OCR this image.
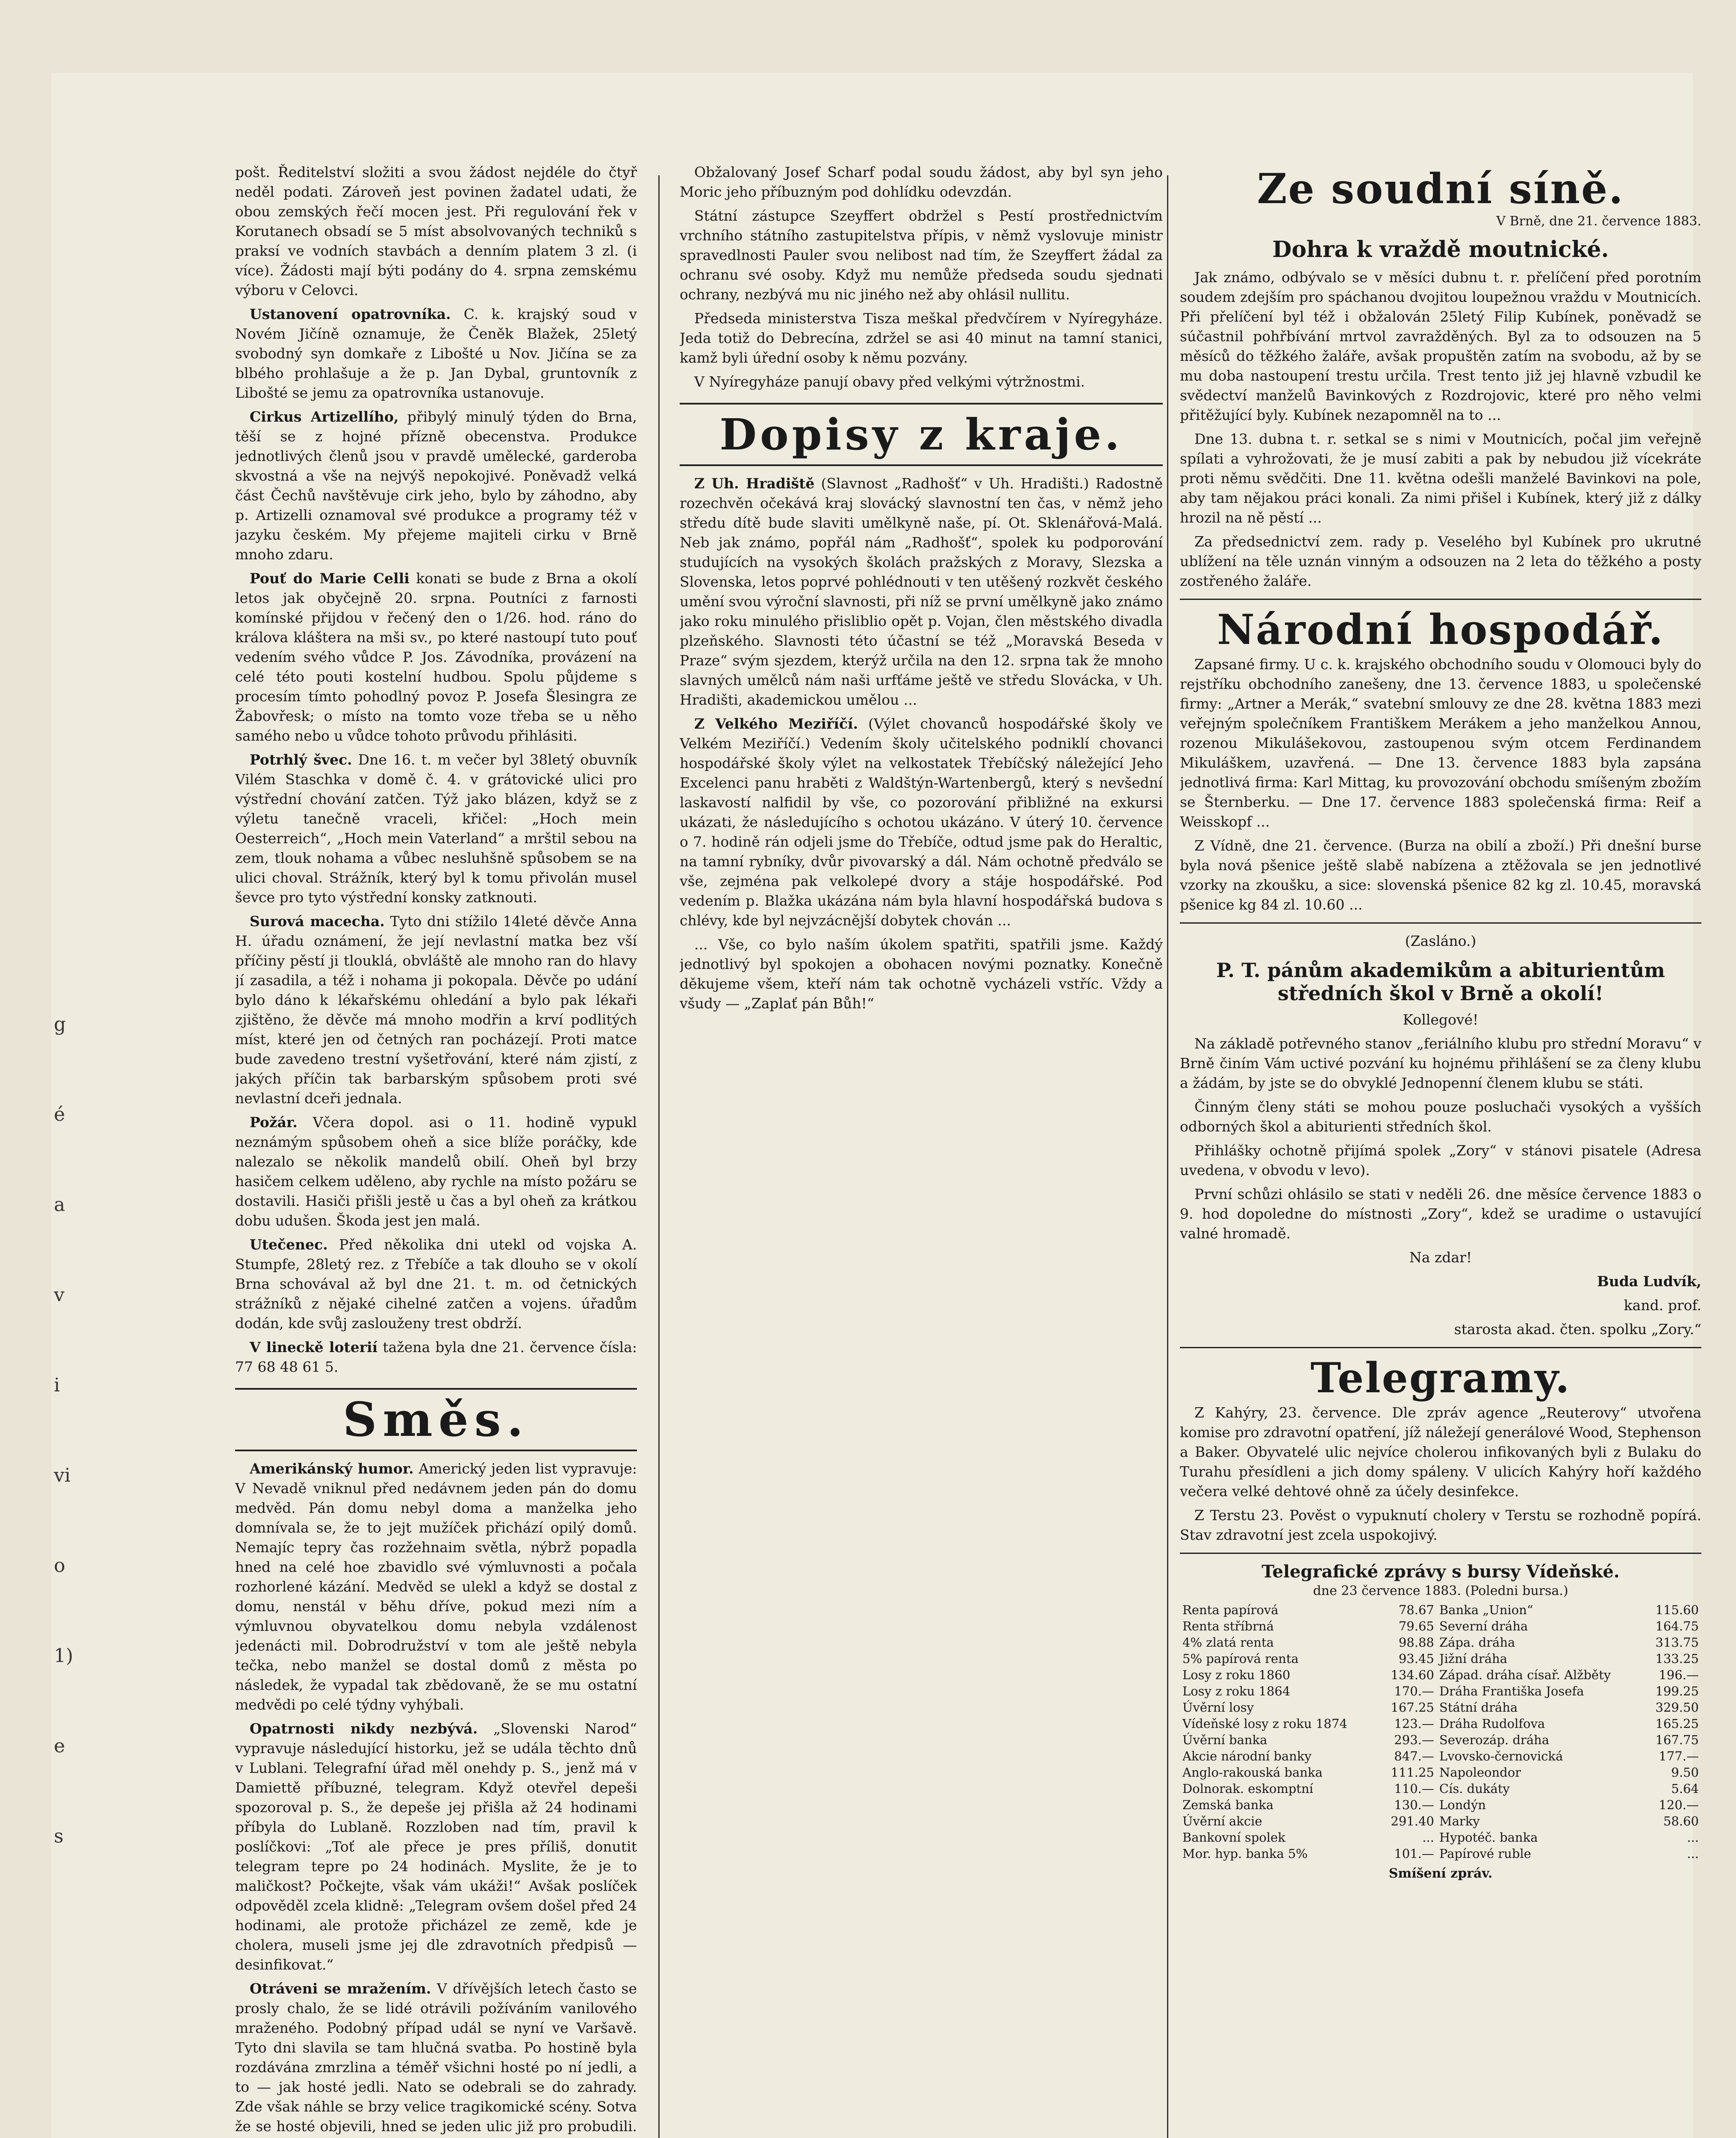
g
é
a
v
i
vi
o
1)
e
s

pošt. Ředitelství složiti a svou žádost nejdéle do čtyř neděl podati. Zároveň jest povinen žadatel udati, že obou zemských řečí mocen jest. Při regulování řek v Korutanech obsadí se 5 míst absolvovaných techniků s praksí ve vodních stavbách a denním platem 3 zl. (i více). Žádosti mají býti podány do 4. srpna zemskému výboru v Celovci.

Ustanovení opatrovníka. C. k. krajský soud v Novém Jičíně oznamuje, že Čeněk Blažek, 25letý svobodný syn domkaře z Libošté u Nov. Jičína se za blbého prohlašuje a že p. Jan Dybal, gruntovník z Libošté se jemu za opatrovníka ustanovuje.

Cirkus Artizellího, přibylý minulý týden do Brna, těší se z hojné přízně obecenstva. Produkce jednotlivých členů jsou v pravdě umělecké, garderoba skvostná a vše na nejvýš nepokojivé. Poněvadž velká část Čechů navštěvuje cirk jeho, bylo by záhodno, aby p. Artizelli oznamoval své produkce a programy též v jazyku českém. My přejeme majiteli cirku v Brně mnoho zdaru.

Pouť do Marie Celli konati se bude z Brna a okolí letos jak obyčejně 20. srpna. Poutníci z farnosti komínské přijdou v řečený den o 1/26. hod. ráno do králova kláštera na mši sv., po které nastoupí tuto pouť vedením svého vůdce P. Jos. Závodníka, provázení na celé této pouti kostelní hudbou. Spolu půjdeme s procesím tímto pohodlný povoz P. Josefa Šlesingra ze Žabovřesk; o místo na tomto voze třeba se u něho samého nebo u vůdce tohoto průvodu přihlásiti.

Potrhlý švec. Dne 16. t. m večer byl 38letý obuvník Vilém Staschka v domě č. 4. v grátovické ulici pro výstřední chování zatčen. Týž jako blázen, když se z výletu tanečně vraceli, křičel: „Hoch mein Oesterreich“, „Hoch mein Vaterland“ a mrštil sebou na zem, tlouk nohama a vůbec nesluhšně spůsobem se na ulici choval. Strážník, který byl k tomu přivolán musel ševce pro tyto výstřední konsky zatknouti.

Surová macecha. Tyto dni stížilo 14leté děvče Anna H. úřadu oznámení, že její nevlastní matka bez vší příčiny pěstí ji tlouklá, obvláště ale mnoho ran do hlavy jí zasadila, a též i nohama ji pokopala. Děvče po udání bylo dáno k lékařskému ohledání a bylo pak lékaři zjištěno, že děvče má mnoho modřin a krví podlitých míst, které jen od četných ran pocházejí. Proti matce bude zavedeno trestní vyšetřování, které nám zjistí, z jakých příčin tak barbarským spůsobem proti své nevlastní dceři jednala.

Požár. Včera dopol. asi o 11. hodině vypukl neznámým spůsobem oheň a sice blíže poráčky, kde nalezalo se několik mandelů obilí. Oheň byl brzy hasičem celkem uděleno, aby rychle na místo požáru se dostavili. Hasiči přišli jestě u čas a byl oheň za krátkou dobu udušen. Škoda jest jen malá.

Utečenec. Před několika dni utekl od vojska A. Stumpfe, 28letý rez. z Třebíče a tak dlouho se v okolí Brna schovával až byl dne 21. t. m. od četnických strážníků z nějaké cihelné zatčen a vojens. úřadům dodán, kde svůj zaslouženy trest obdrží.

V lineckě loterií tažena byla dne 21. července čísla: 77 68 48 61 5.

Směs.

Amerikánský humor. Americký jeden list vypravuje: V Nevadě vniknul před nedávnem jeden pán do domu medvěd. Pán domu nebyl doma a manželka jeho domnívala se, že to jejt mužíček přichází opilý domů. Nemajíc tepry čas rozžehnaim světla, nýbrž popadla hned na celé hoe zbavidlo své výmluvnosti a počala rozhorlené kázání. Medvěd se ulekl a když se dostal z domu, nenstál v běhu dříve, pokud mezi ním a výmluvnou obyvatelkou domu nebyla vzdálenost jedenácti mil. Dobrodružství v tom ale ještě nebyla tečka, nebo manžel se dostal domů z města po následek, že vypadal tak zbědovaně, že se mu ostatní medvědi po celé týdny vyhýbali.

Opatrnosti nikdy nezbývá. „Slovenski Narod“ vypravuje následující historku, jež se udála těchto dnů v Lublani. Telegrafní úřad měl onehdy p. S., jenž má v Damiettě příbuzné, telegram. Když otevřel depeši spozoroval p. S., že depeše jej přišla až 24 hodinami příbyla do Lublaně. Rozzloben nad tím, pravil k poslíčkovi: „Toť ale přece je pres příliš, donutit telegram tepre po 24 hodinách. Myslite, že je to maličkost? Počkejte, však vám ukáži!“ Avšak poslíček odpověděl zcela klidně: „Telegram ovšem došel před 24 hodinami, ale protože přicházel ze země, kde je cholera, museli jsme jej dle zdravotních předpisů — desinfikovat.“

Otráveni se mražením. V dřívějších letech často se prosly chalo, že se lidé otrávili požíváním vanilového mraženého. Podobný případ udál se nyní ve Varšavě. Tyto dni slavila se tam hlučná svatba. Po hostině byla rozdávána zmrzlina a téměř všichni hosté po ní jedli, a to — jak hosté jedli. Nato se odebrali se do zahrady. Zde však náhle se brzy velice tragikomické scény. Sotva že se hosté objevili, hned se jeden ulic již pro probudili.

Obžalovaný Josef Scharf podal soudu žádost, aby byl syn jeho Moric jeho příbuzným pod dohlídku odevzdán.

Státní zástupce Szeyffert obdržel s Pestí prostřednictvím vrchního státního zastupitelstva přípis, v němž vyslovuje ministr spravedlnosti Pauler svou nelibost nad tím, že Szeyffert žádal za ochranu své osoby. Když mu nemůže předseda soudu sjednati ochrany, nezbývá mu nic jiného než aby ohlásil nullitu.

Předseda ministerstva Tisza meškal předvčírem v Nyíregyháze. Jeda totiž do Debrecína, zdržel se asi 40 minut na tamní stanici, kamž byli úřední osoby k němu pozvány.

V Nyíregyháze panují obavy před velkými výtržnostmi.

Dopisy z kraje.

Z Uh. Hradiště (Slavnost „Radhošť“ v Uh. Hradišti.) Radostně rozechvěn očekává kraj slovácký slavnostní ten čas, v němž jeho středu dítě bude slaviti umělkyně naše, pí. Ot. Sklenářová-Malá. Neb jak známo, popřál nám „Radhošť“, spolek ku podporování studujících na vysokých školách pražských z Moravy, Slezska a Slovenska, letos poprvé pohlédnouti v ten utěšený rozkvět českého umění svou výroční slavnosti, při níž se první umělkyně jako známo jako roku minulého přisliblio opět p. Vojan, člen městského divadla plzeňského. Slavnosti této účastní se též „Moravská Beseda v Praze“ svým sjezdem, kterýž určila na den 12. srpna tak že mnoho slavných umělců nám naši urfťáme ještě ve středu Slovácka, v Uh. Hradišti, akademickou umělou ...

Z Velkého Meziříčí. (Výlet chovanců hospodářské školy ve Velkém Meziříčí.) Vedením školy učitelského podniklí chovanci hospodářské školy výlet na velkostatek Třebíčský náležející Jeho Excelenci panu hraběti z Waldštýn-Wartenbergů, který s nevšední laskavostí nalfidil by vše, co pozorování přibližné na exkursi ukázati, že následujícího s ochotou ukázáno. V úterý 10. července o 7. hodině rán odjeli jsme do Třebíče, odtud jsme pak do Heraltic, na tamní rybníky, dvůr pivovarský a dál. Nám ochotně předválo se vše, zejména pak velkolepé dvory a stáje hospodářské. Pod vedením p. Blažka ukázána nám byla hlavní hospodářská budova s chlévy, kde byl nejvzácnější dobytek chován ...

... Vše, co bylo naším úkolem spatřiti, spatřili jsme. Každý jednotlivý byl spokojen a obohacen novými poznatky. Konečně děkujeme všem, kteří nám tak ochotně vycházeli vstříc. Vždy a všudy — „Zaplať pán Bůh!“

Ze soudní síně.
V Brně, dne 21. července 1883.
Dohra k vraždě moutnické.

Jak známo, odbývalo se v měsíci dubnu t. r. přelíčení před porotním soudem zdejším pro spáchanou dvojitou loupežnou vraždu v Moutnicích. Při přelíčení byl též i obžalován 25letý Filip Kubínek, poněvadž se súčastnil pohřbívání mrtvol zavražděných. Byl za to odsouzen na 5 měsíců do těžkého žaláře, avšak propuštěn zatím na svobodu, až by se mu doba nastoupení trestu určila. Trest tento již jej hlavně vzbudil ke svědectví manželů Bavinkových z Rozdrojovic, které pro něho velmi přitěžující byly. Kubínek nezapomněl na to ...

Dne 13. dubna t. r. setkal se s nimi v Moutnicích, počal jim veřejně spílati a vyhrožovati, že je musí zabiti a pak by nebudou již vícekráte proti němu svědčiti. Dne 11. května odešli manželé Bavinkovi na pole, aby tam nějakou práci konali. Za nimi přišel i Kubínek, který již z dálky hrozil na ně pěstí ...

Za předsednictví zem. rady p. Veselého byl Kubínek pro ukrutné ublížení na těle uznán vinným a odsouzen na 2 leta do těžkého a posty zostřeného žaláře.

Národní hospodář.

Zapsané firmy. U c. k. krajského obchodního soudu v Olomouci byly do rejstříku obchodního zanešeny, dne 13. července 1883, u společenské firmy: „Artner a Merák,“ svatební smlouvy ze dne 28. května 1883 mezi veřejným společníkem Františkem Merákem a jeho manželkou Annou, rozenou Mikulášekovou, zastoupenou svým otcem Ferdinandem Mikuláškem, uzavřená. — Dne 13. července 1883 byla zapsána jednotlivá firma: Karl Mittag, ku provozování obchodu smíšeným zbožím se Šternberku. — Dne 17. července 1883 společenská firma: Reif a Weisskopf ...

Z Vídně, dne 21. července. (Burza na obilí a zboží.) Při dnešní burse byla nová pšenice ještě slabě nabízena a ztěžovala se jen jednotlivé vzorky na zkoušku, a sice: slovenská pšenice 82 kg zl. 10.45, moravská pšenice kg 84 zl. 10.60 ...

(Zasláno.)

P. T. pánům akademikům a abiturientům středních škol v Brně a okolí!

Kollegové!

Na základě potřevného stanov „feriálního klubu pro střední Moravu“ v Brně činím Vám uctivé pozvání ku hojnému přihlášení se za členy klubu a žádám, by jste se do obvyklé Jednopenní členem klubu se státi.

Činným členy státi se mohou pouze posluchači vysokých a vyšších odborných škol a abiturienti středních škol.

Přihlášky ochotně přijímá spolek „Zory“ v stánovi pisatele (Adresa uvedena, v obvodu v levo).

První schůzi ohlásilo se stati v neděli 26. dne měsíce července 1883 o 9. hod dopoledne do místnosti „Zory“, kdež se uradime o ustavující valné hromadě.

Na zdar!

Buda Ludvík,

kand. prof.

starosta akad. čten. spolku „Zory.“

Telegramy.

Z Kahýry, 23. července. Dle zpráv agence „Reuterovy“ utvořena komise pro zdravotní opatření, jíž náležejí generálové Wood, Stephenson a Baker. Obyvatelé ulic nejvíce cholerou infikovaných byli z Bulaku do Turahu přesídleni a jich domy spáleny. V ulicích Kahýry hoří každého večera velké dehtové ohně za účely desinfekce.

Z Terstu 23. Pověst o vypuknutí cholery v Terstu se rozhodně popírá. Stav zdravotní jest zcela uspokojivý.

Telegrafické zprávy s bursy Vídeňské.
dne 23 července 1883. (Poledni bursa.)
Renta papírová	78.67	Banka „Union“	115.60
Renta stříbrná	79.65	Severní dráha	164.75
4% zlatá renta	98.88	Zápa. dráha	313.75
5% papírová renta	93.45	Jižní dráha	133.25
Losy z roku 1860	134.60	Západ. dráha císař. Alžběty	196.—
Losy z roku 1864	170.—	Dráha Františka Josefa	199.25
Úvěrní losy	167.25	Státní dráha	329.50
Vídeňské losy z roku 1874	123.—	Dráha Rudolfova	165.25
Úvěrní banka	293.—	Severozáp. dráha	167.75
Akcie národní banky	847.—	Lvovsko-černovická	177.—
Anglo-rakouská banka	111.25	Napoleondor	9.50
Dolnorak. eskomptní	110.—	Cís. dukáty	5.64
Zemská banka	130.—	Londýn	120.—
Úvěrní akcie	291.40	Marky	58.60
Bankovní spolek	...	Hypotéč. banka	...
Mor. hyp. banka 5%	101.—	Papírové ruble	...
Smíšení zpráv.
